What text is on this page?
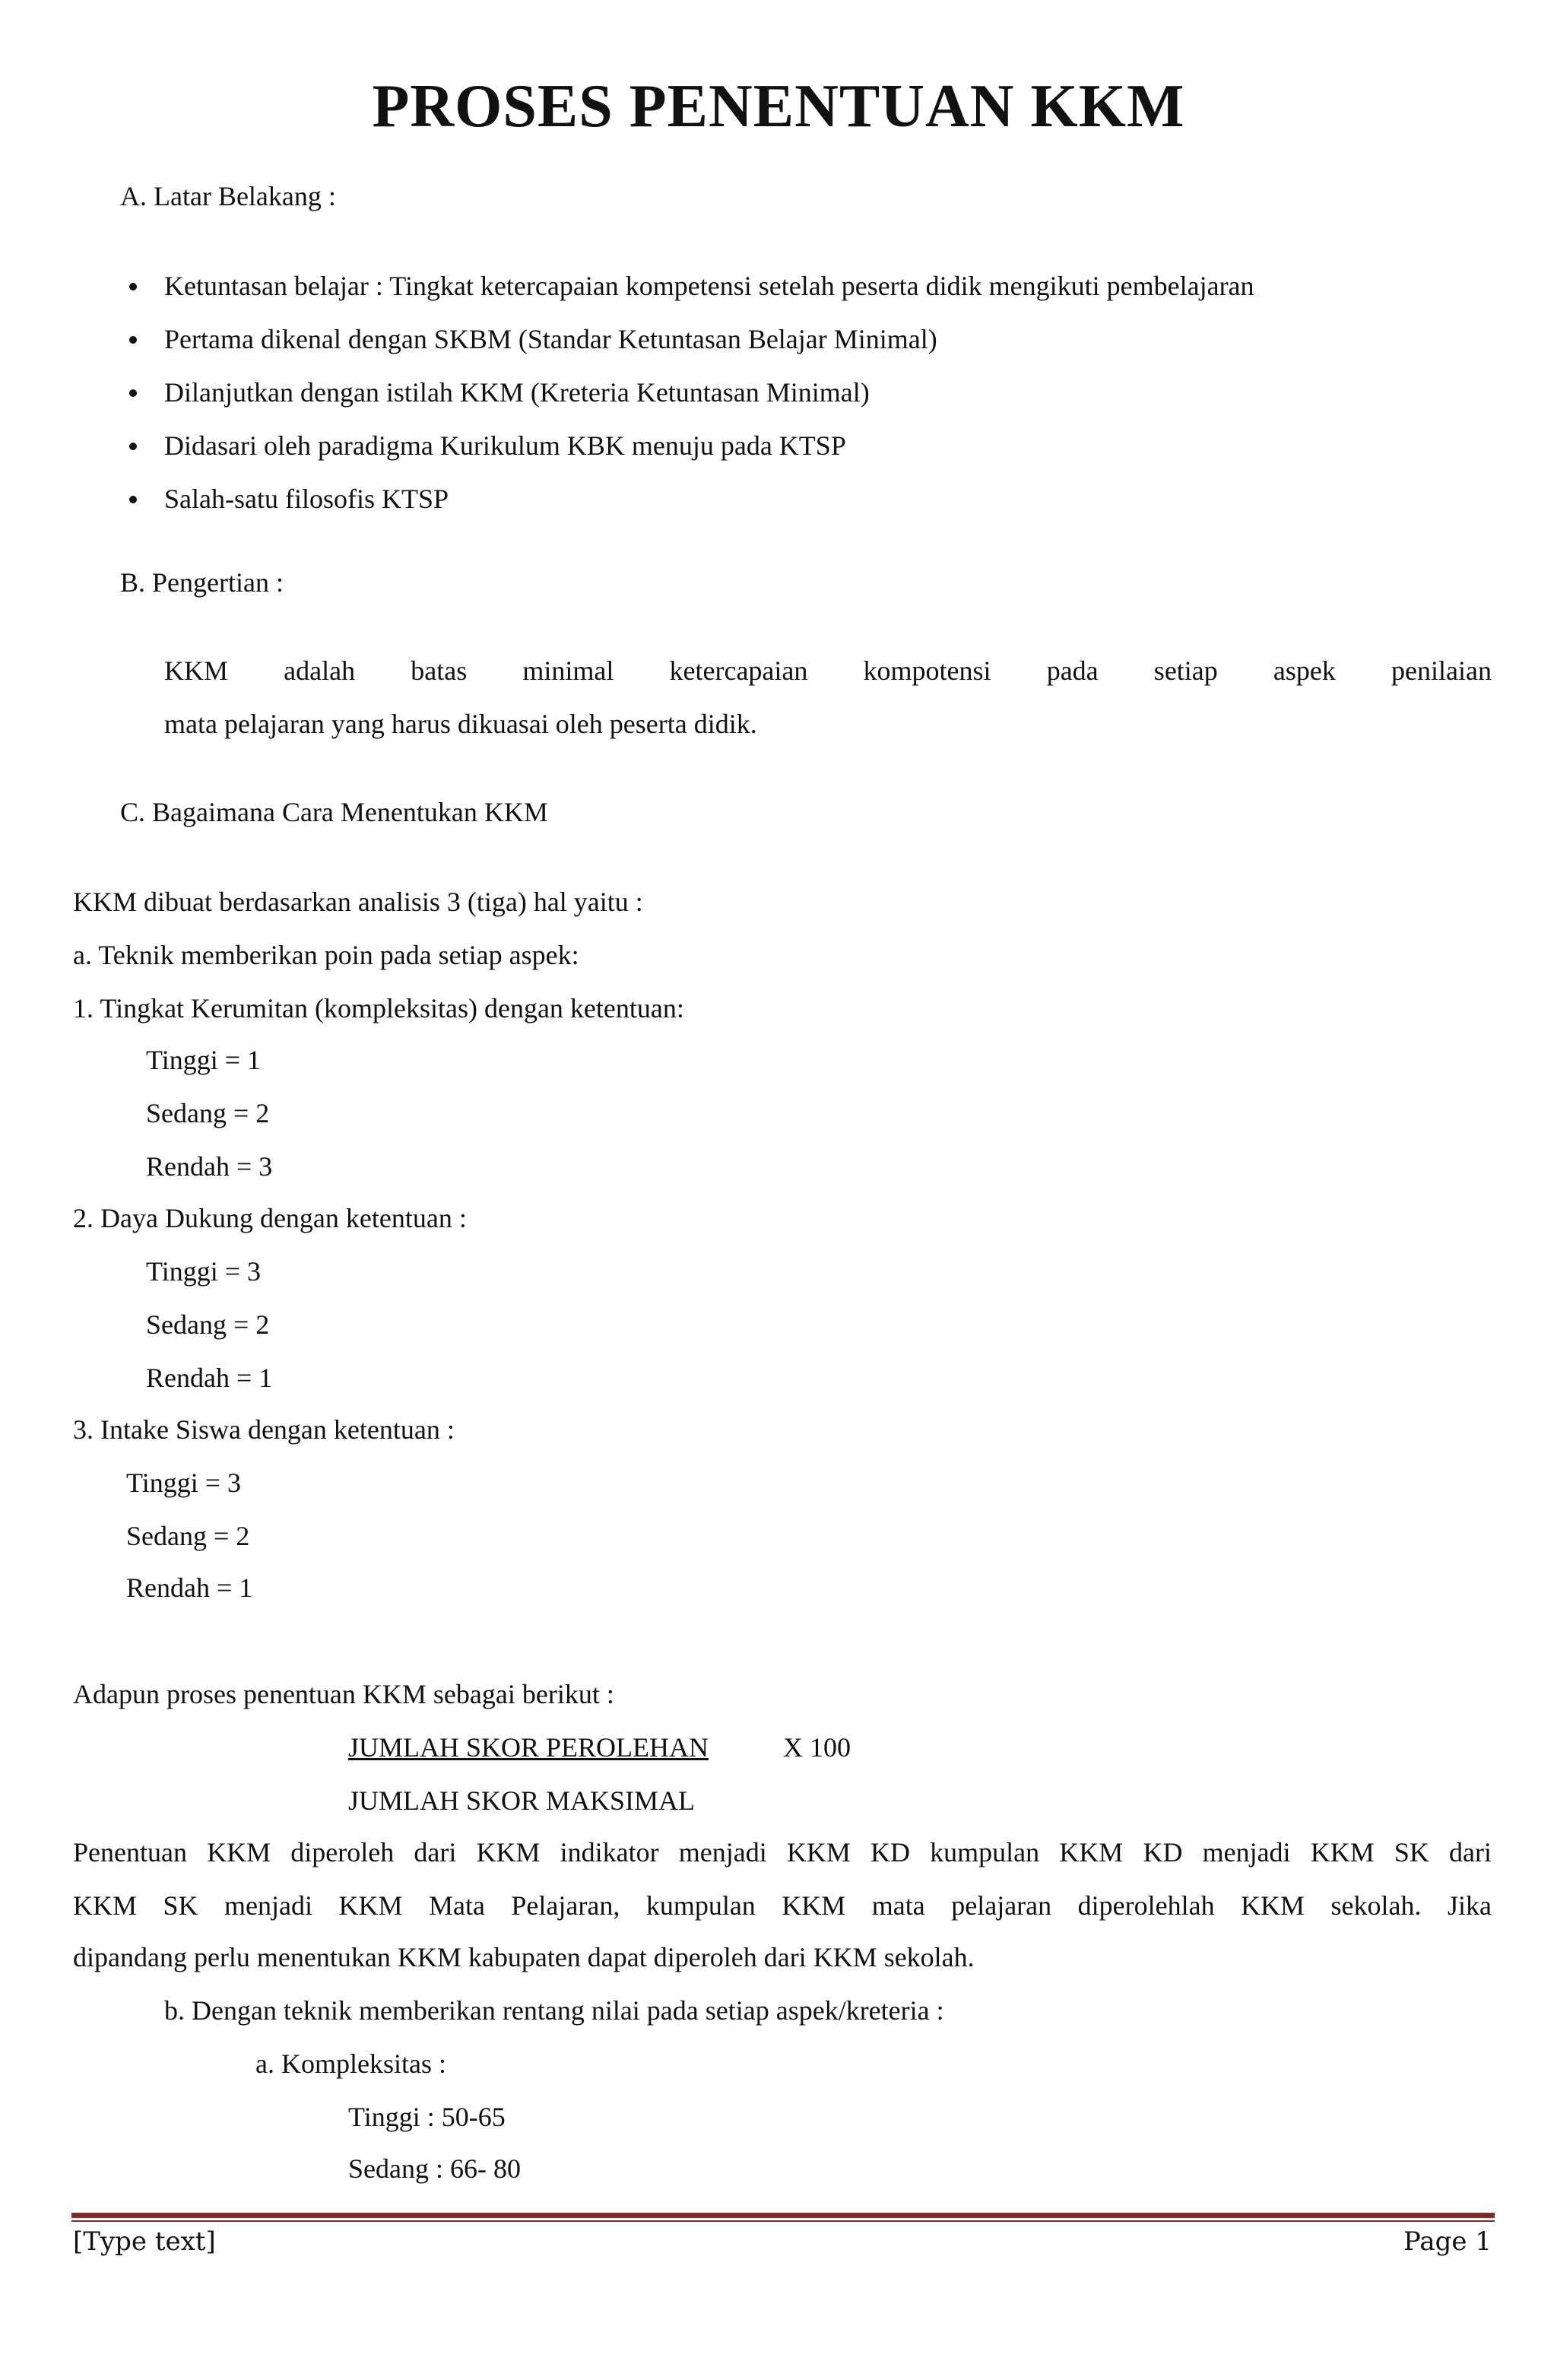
PROSES PENENTUAN KKM
A. Latar Belakang :
Ketuntasan belajar : Tingkat ketercapaian kompetensi setelah peserta didik mengikuti pembelajaran
Pertama dikenal dengan SKBM (Standar Ketuntasan Belajar Minimal)
Dilanjutkan dengan istilah KKM (Kreteria Ketuntasan Minimal)
Didasari oleh paradigma Kurikulum KBK menuju pada KTSP
Salah-satu filosofis KTSP
B. Pengertian :
KKM adalah batas minimal ketercapaian kompotensi pada setiap aspek penilaian
mata pelajaran yang harus dikuasai oleh peserta didik.
C. Bagaimana Cara Menentukan KKM
KKM dibuat berdasarkan analisis 3 (tiga) hal yaitu :
a. Teknik memberikan poin pada setiap aspek:
1. Tingkat Kerumitan (kompleksitas) dengan ketentuan:
Tinggi = 1
Sedang = 2
Rendah = 3
2. Daya Dukung dengan ketentuan :
Tinggi = 3
Sedang = 2
Rendah = 1
3. Intake Siswa dengan ketentuan :
Tinggi = 3
Sedang = 2
Rendah = 1
Adapun proses penentuan KKM sebagai berikut :
JUMLAH SKOR PEROLEHAN	X 100
JUMLAH SKOR MAKSIMAL
Penentuan KKM diperoleh dari KKM indikator menjadi KKM KD kumpulan KKM KD menjadi KKM SK dari
KKM SK menjadi KKM Mata Pelajaran, kumpulan KKM mata pelajaran diperolehlah KKM sekolah. Jika
dipandang perlu menentukan KKM kabupaten dapat diperoleh dari KKM sekolah.
b. Dengan teknik memberikan rentang nilai pada setiap aspek/kreteria :
a. Kompleksitas :
Tinggi : 50-65
Sedang : 66- 80
[Type text]	Page 1
